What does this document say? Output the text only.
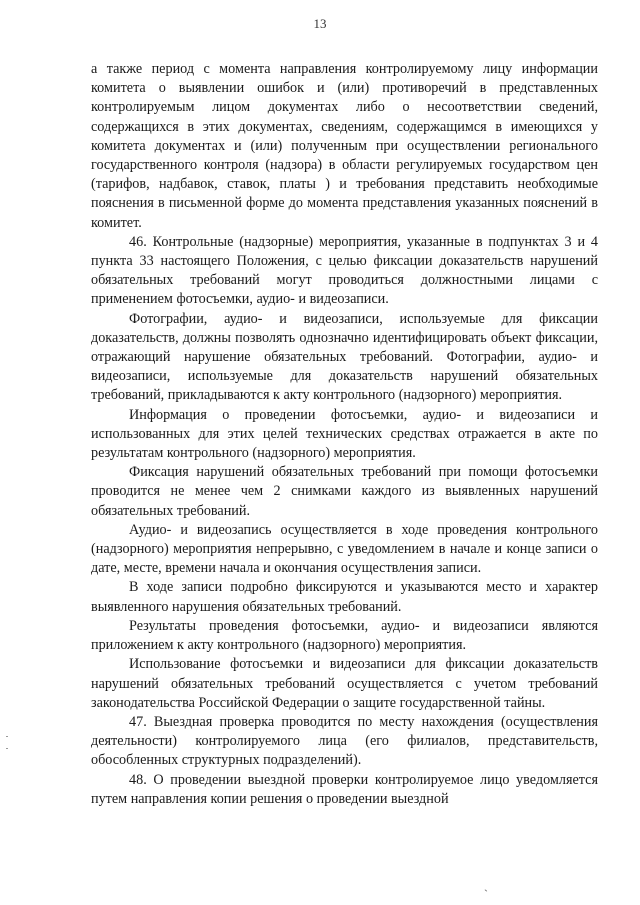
13

а также период с момента направления контролируемому лицу информации комитета о выявлении ошибок и (или) противоречий в представленных контролируемым лицом документах либо о несоответствии сведений, содержащихся в этих документах, сведениям, содержащимся в имеющихся у комитета документах и (или) полученным при осуществлении регионального государственного контроля (надзора) в области регулируемых государством цен (тарифов, надбавок, ставок, платы ) и требования представить необходимые пояснения в письменной форме до момента представления указанных пояснений в комитет.

46. Контрольные (надзорные) мероприятия, указанные в подпунктах 3 и 4 пункта 33 настоящего Положения, с целью фиксации доказательств нарушений обязательных требований могут проводиться должностными лицами с применением фотосъемки, аудио- и видеозаписи.

Фотографии, аудио- и видеозаписи, используемые для фиксации доказательств, должны позволять однозначно идентифицировать объект фиксации, отражающий нарушение обязательных требований. Фотографии, аудио- и видеозаписи, используемые для доказательств нарушений обязательных требований, прикладываются к акту контрольного (надзорного) мероприятия.

Информация о проведении фотосъемки, аудио- и видеозаписи и использованных для этих целей технических средствах отражается в акте по результатам контрольного (надзорного) мероприятия.

Фиксация нарушений обязательных требований при помощи фотосъемки проводится не менее чем 2 снимками каждого из выявленных нарушений обязательных требований.

Аудио- и видеозапись осуществляется в ходе проведения контрольного (надзорного) мероприятия непрерывно, с уведомлением в начале и конце записи о дате, месте, времени начала и окончания осуществления записи.

В ходе записи подробно фиксируются и указываются место и характер выявленного нарушения обязательных требований.

Результаты проведения фотосъемки, аудио- и видеозаписи являются приложением к акту контрольного (надзорного) мероприятия.

Использование фотосъемки и видеозаписи для фиксации доказательств нарушений обязательных требований осуществляется с учетом требований законодательства Российской Федерации о защите государственной тайны.

47. Выездная проверка проводится по месту нахождения (осуществления деятельности) контролируемого лица (его филиалов, представительств, обособленных структурных подразделений).

48. О проведении выездной проверки контролируемое лицо уведомляется путем направления копии решения о проведении выездной

ˎ
